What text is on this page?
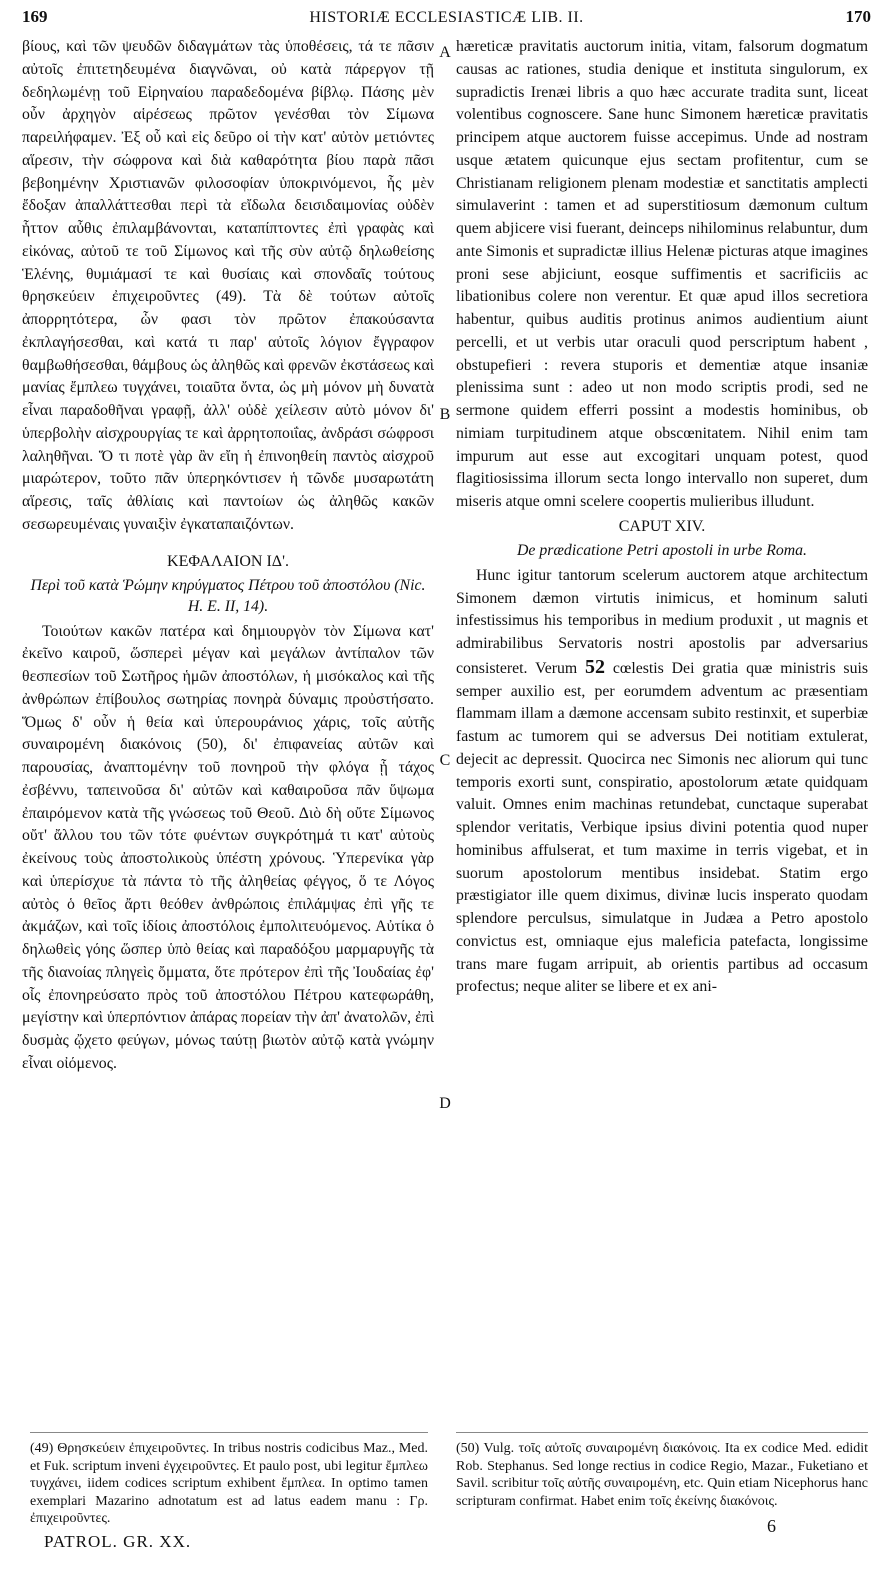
169	HISTORIÆ ECCLESIASTICÆ LIB. II.	170

βίους, καὶ τῶν ψευδῶν διδαγμάτων τὰς ὑποθέσεις, τά τε πᾶσιν αὐτοῖς ἐπιτετηδευμένα διαγνῶναι, οὐ κατὰ πάρεργον τῇ δεδηλωμένῃ τοῦ Εἰρηναίου παραδεδομένα βίβλῳ. Πάσης μὲν οὖν ἀρχηγὸν αἱρέσεως πρῶτον γενέσθαι τὸν Σίμωνα παρειλήφαμεν. Ἐξ οὗ καὶ εἰς δεῦρο οἱ τὴν κατ' αὐτὸν μετιόντες αἵρεσιν, τὴν σώφρονα καὶ διὰ καθαρότητα βίου παρὰ πᾶσι βεβοημένην Χριστιανῶν φιλοσοφίαν ὑποκρινόμενοι, ἧς μὲν ἔδοξαν ἀπαλλάττεσθαι περὶ τὰ εἴδωλα δεισιδαιμονίας οὐδὲν ἧττον αὖθις ἐπιλαμβάνονται, καταπίπτοντες ἐπὶ γραφὰς καὶ εἰκόνας, αὐτοῦ τε τοῦ Σίμωνος καὶ τῆς σὺν αὐτῷ δηλωθείσης Ἑλένης, θυμιάμασί τε καὶ θυσίαις καὶ σπονδαῖς τούτους θρησκεύειν ἐπιχειροῦντες (49). Τὰ δὲ τούτων αὐτοῖς ἀπορρητότερα, ὧν φασι τὸν πρῶτον ἐπακούσαντα ἐκπλαγήσεσθαι, καὶ κατά τι παρ' αὐτοῖς λόγιον ἔγγραφον θαμβωθήσεσθαι, θάμβους ὡς ἀληθῶς καὶ φρενῶν ἐκστάσεως καὶ μανίας ἔμπλεω τυγχάνει, τοιαῦτα ὄντα, ὡς μὴ μόνον μὴ δυνατὰ εἶναι παραδοθῆναι γραφῇ, ἀλλ' οὐδὲ χείλεσιν αὐτὸ μόνον δι' ὑπερβολὴν αἰσχρουργίας τε καὶ ἀρρητοποιΐας, ἀνδράσι σώφροσι λαληθῆναι. Ὅ τι ποτὲ γὰρ ἂν εἴη ἡ ἐπινοηθείη παντὸς αἰσχροῦ μιαρώτερον, τοῦτο πᾶν ὑπερηκόντισεν ἡ τῶνδε μυσαρωτάτη αἵρεσις, ταῖς ἀθλίαις καὶ παντοίων ὡς ἀληθῶς κακῶν σεσωρευμέναις γυναιξὶν ἐγκαταπαιζόντων.

ΚΕΦΑΛΑΙΟΝ ΙΔ'.

Περὶ τοῦ κατὰ Ῥώμην κηρύγματος Πέτρου τοῦ ἀποστόλου (Nic. H. E. II, 14).

Τοιούτων κακῶν πατέρα καὶ δημιουργὸν τὸν Σίμωνα κατ' ἐκεῖνο καιροῦ, ὥσπερεὶ μέγαν καὶ μεγάλων ἀντίπαλον τῶν θεσπεσίων τοῦ Σωτῆρος ἡμῶν ἀποστόλων, ἡ μισόκαλος καὶ τῆς ἀνθρώπων ἐπίβουλος σωτηρίας πονηρὰ δύναμις προὐστήσατο. Ὅμως δ' οὖν ἡ θεία καὶ ὑπερουράνιος χάρις, τοῖς αὐτῆς συναιρομένη διακόνοις (50), δι' ἐπιφανείας αὐτῶν καὶ παρουσίας, ἀναπτομένην τοῦ πονηροῦ τὴν φλόγα ᾗ τάχος ἐσβέννυ, ταπεινοῦσα δι' αὐτῶν καὶ καθαιροῦσα πᾶν ὕψωμα ἐπαιρόμενον κατὰ τῆς γνώσεως τοῦ Θεοῦ. Διὸ δὴ οὔτε Σίμωνος οὔτ' ἄλλου του τῶν τότε φυέντων συγκρότημά τι κατ' αὐτοὺς ἐκείνους τοὺς ἀποστολικοὺς ὑπέστη χρόνους. Ὑπερενίκα γὰρ καὶ ὑπερίσχυε τὰ πάντα τὸ τῆς ἀληθείας φέγγος, ὅ τε Λόγος αὐτὸς ὁ θεῖος ἄρτι θεόθεν ἀνθρώποις ἐπιλάμψας ἐπὶ γῆς τε ἀκμάζων, καὶ τοῖς ἰδίοις ἀποστόλοις ἐμπολιτευόμενος. Αὐτίκα ὁ δηλωθεὶς γόης ὥσπερ ὑπὸ θείας καὶ παραδόξου μαρμαρυγῆς τὰ τῆς διανοίας πληγεὶς ὄμματα, ὅτε πρότερον ἐπὶ τῆς Ἰουδαίας ἐφ' οἷς ἐπονηρεύσατο πρὸς τοῦ ἀποστόλου Πέτρου κατεφωράθη, μεγίστην καὶ ὑπερπόντιον ἀπάρας πορείαν τὴν ἀπ' ἀνατολῶν, ἐπὶ δυσμὰς ᾤχετο φεύγων, μόνως ταύτῃ βιωτὸν αὐτῷ κατὰ γνώμην εἶναι οἰόμενος.

hæreticæ pravitatis auctorum initia, vitam, falsorum dogmatum causas ac rationes, studia denique et instituta singulorum, ex supradictis Irenæi libris a quo hæc accurate tradita sunt, liceat volentibus cognoscere. Sane hunc Simonem hæreticæ pravitatis principem atque auctorem fuisse accepimus. Unde ad nostram usque ætatem quicunque ejus sectam profitentur, cum se Christianam religionem plenam modestiæ et sanctitatis amplecti simulaverint : tamen et ad superstitiosum dæmonum cultum quem abjicere visi fuerant, deinceps nihilominus relabuntur, dum ante Simonis et supradictæ illius Helenæ picturas atque imagines proni sese abjiciunt, eosque suffimentis et sacrificiis ac libationibus colere non verentur. Et quæ apud illos secretiora habentur, quibus auditis protinus animos audientium aiunt percelli, et ut verbis utar oraculi quod perscriptum habent , obstupefieri : revera stuporis et dementiæ atque insaniæ plenissima sunt : adeo ut non modo scriptis prodi, sed ne sermone quidem efferri possint a modestis hominibus, ob nimiam turpitudinem atque obscœnitatem. Nihil enim tam impurum aut esse aut excogitari unquam potest, quod flagitiosissima illorum secta longo intervallo non superet, dum miseris atque omni scelere coopertis mulieribus illudunt.

CAPUT XIV.

De prædicatione Petri apostoli in urbe Roma.

Hunc igitur tantorum scelerum auctorem atque architectum Simonem dæmon virtutis inimicus, et hominum saluti infestissimus his temporibus in medium produxit , ut magnis et admirabilibus Servatoris nostri apostolis par adversarius consisteret. Verum 52 cœlestis Dei gratia quæ ministris suis semper auxilio est, per eorumdem adventum ac præsentiam flammam illam a dæmone accensam subito restinxit, et superbiæ fastum ac tumorem qui se adversus Dei notitiam extulerat, dejecit ac depressit. Quocirca nec Simonis nec aliorum qui tunc temporis exorti sunt, conspiratio, apostolorum ætate quidquam valuit. Omnes enim machinas retundebat, cunctaque superabat splendor veritatis, Verbique ipsius divini potentia quod nuper hominibus affulserat, et tum maxime in terris vigebat, et in suorum apostolorum mentibus insidebat. Statim ergo præstigiator ille quem diximus, divinæ lucis insperato quodam splendore perculsus, simulatque in Judæa a Petro apostolo convictus est, omniaque ejus maleficia patefacta, longissime trans mare fugam arripuit, ab orientis partibus ad occasum profectus; neque aliter se libere et ex ani-

A
B
C
D
(49) Θρησκεύειν ἐπιχειροῦντες. In tribus nostris codicibus Maz., Med. et Fuk. scriptum inveni ἐγχειροῦντες. Et paulo post, ubi legitur ἔμπλεω τυγχάνει, iidem codices scriptum exhibent ἔμπλεα. In optimo tamen exemplari Mazarino adnotatum est ad latus eadem manu : Γρ. ἐπιχειροῦντες.
(50) Vulg. τοῖς αὐτοῖς συναιρομένη διακόνοις. Ita ex codice Med. edidit Rob. Stephanus. Sed longe rectius in codice Regio, Mazar., Fuketiano et Savil. scribitur τοῖς αὐτῆς συναιρομένη, etc. Quin etiam Nicephorus hanc scripturam confirmat. Habet enim τοῖς ἐκείνης διακόνοις.
PATROL. GR. XX.
6
